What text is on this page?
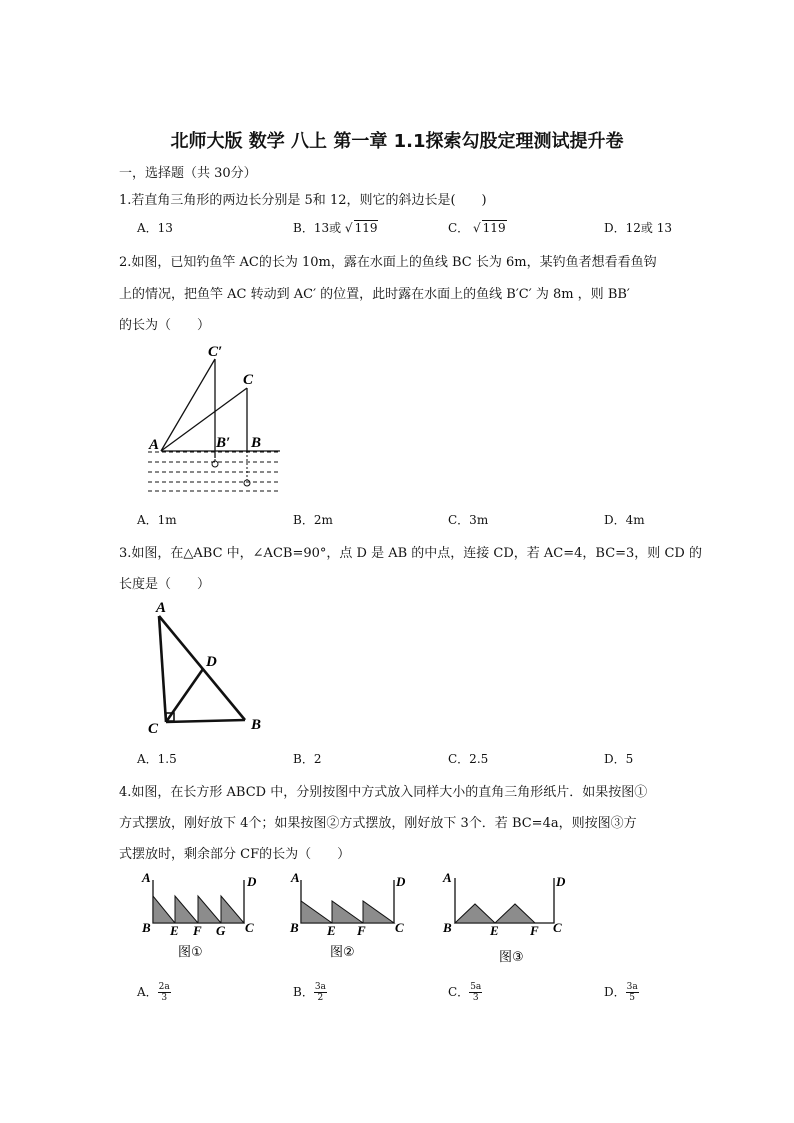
北师大版 数学 八上 第一章 1.1探索勾股定理测试提升卷
一，选择题（共 30分）
1.若直角三角形的两边长分别是 5和 12，则它的斜边长是(　　)
A．13	B．13或 √ 119	C． √ 119	D．12或 13
2.如图，已知钓鱼竿 AC的长为 10m，露在水面上的鱼线 BC 长为 6m，某钓鱼者想看看鱼钩
上的情况，把鱼竿 AC 转动到 AC′ 的位置，此时露在水面上的鱼线 B′C′ 为 8m ，则 BB′
的长为（　　）
C′
C
A	B′ B
A．1m	B．2m	C．3m	D．4m
3.如图，在△ABC 中，∠ACB=90°，点 D 是 AB 的中点，连接 CD，若 AC=4，BC=3，则 CD 的
长度是（　　）
A
D
C	B
A．1.5	B．2	C．2.5	D．5
4.如图，在长方形 ABCD 中，分别按图中方式放入同样大小的直角三角形纸片．如果按图①
方式摆放，刚好放下 4个；如果按图②方式摆放，刚好放下 3个．若 BC=4a，则按图③方
式摆放时，剩余部分 CF的长为（　　）
A	D
B E F G C
图①
A	D
B E F C
图②
A	D
B	E F C
图③
A． $\frac{2a}{3}$	B． $\frac{3a}{2}$	C． $\frac{5a}{3}$	D． $\frac{3a}{5}$
